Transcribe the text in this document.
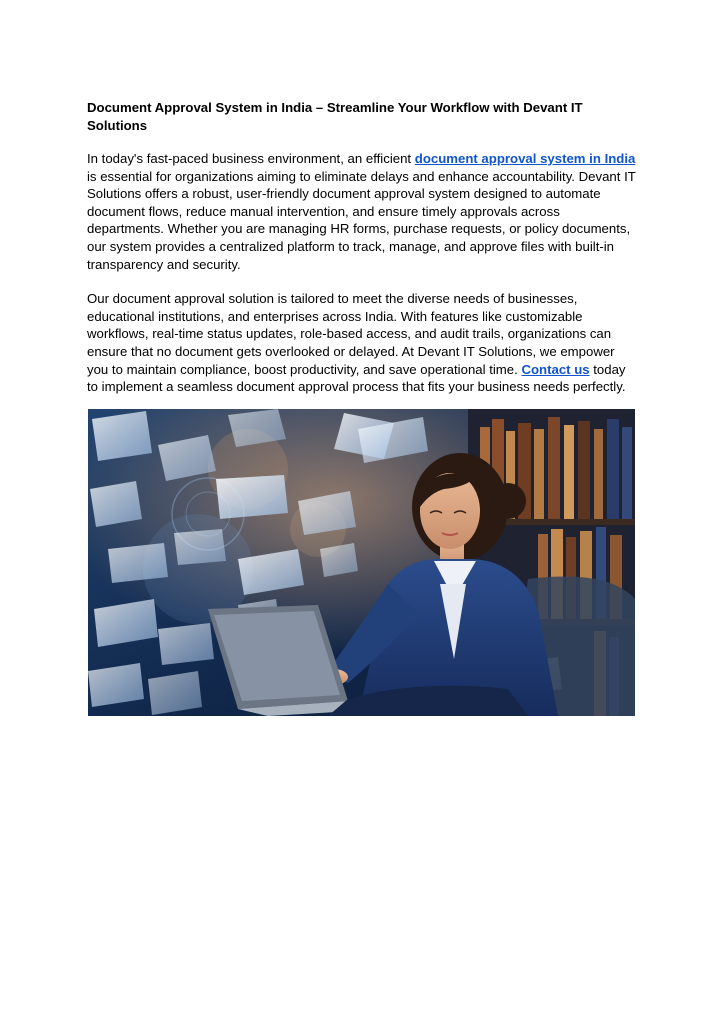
Document Approval System in India – Streamline Your Workflow with Devant IT Solutions

In today's fast-paced business environment, an efficient document approval system in India is essential for organizations aiming to eliminate delays and enhance accountability. Devant IT Solutions offers a robust, user-friendly document approval system designed to automate document flows, reduce manual intervention, and ensure timely approvals across departments. Whether you are managing HR forms, purchase requests, or policy documents, our system provides a centralized platform to track, manage, and approve files with built-in transparency and security.

Our document approval solution is tailored to meet the diverse needs of businesses, educational institutions, and enterprises across India. With features like customizable workflows, real-time status updates, role-based access, and audit trails, organizations can ensure that no document gets overlooked or delayed. At Devant IT Solutions, we empower you to maintain compliance, boost productivity, and save operational time. Contact us today to implement a seamless document approval process that fits your business needs perfectly.
